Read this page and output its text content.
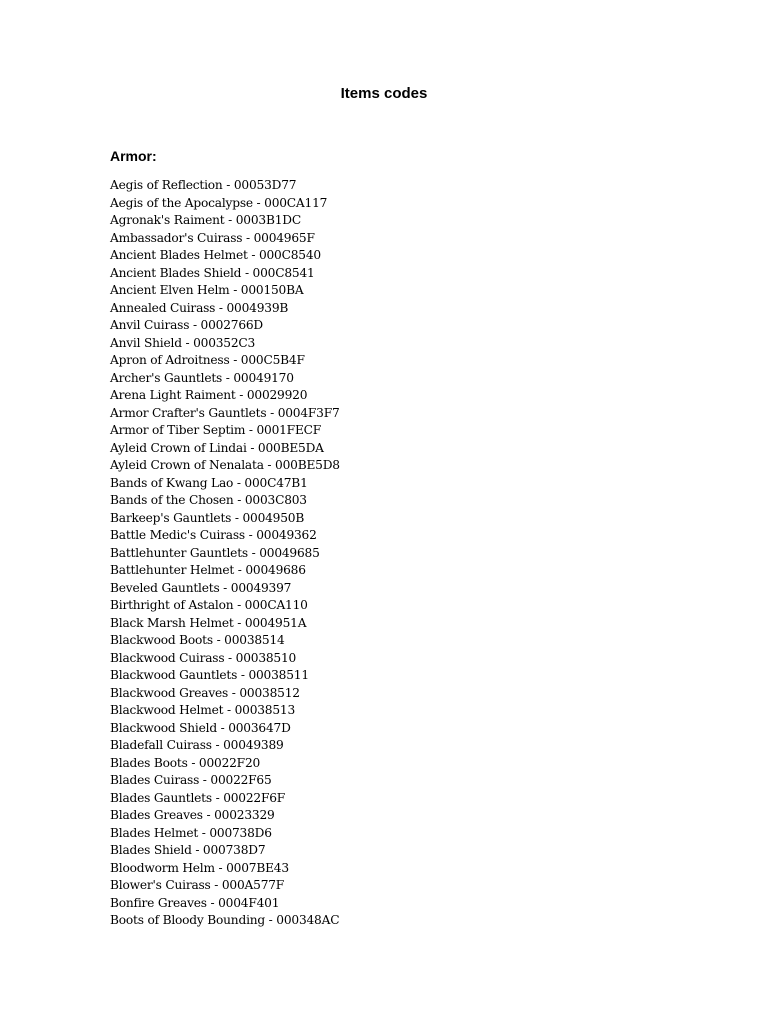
Items codes
Armor:
Aegis of Reflection - 00053D77
Aegis of the Apocalypse - 000CA117
Agronak's Raiment - 0003B1DC
Ambassador's Cuirass - 0004965F
Ancient Blades Helmet - 000C8540
Ancient Blades Shield - 000C8541
Ancient Elven Helm - 000150BA
Annealed Cuirass - 0004939B
Anvil Cuirass - 0002766D
Anvil Shield - 000352C3
Apron of Adroitness - 000C5B4F
Archer's Gauntlets - 00049170
Arena Light Raiment - 00029920
Armor Crafter's Gauntlets - 0004F3F7
Armor of Tiber Septim - 0001FECF
Ayleid Crown of Lindai - 000BE5DA
Ayleid Crown of Nenalata - 000BE5D8
Bands of Kwang Lao - 000C47B1
Bands of the Chosen - 0003C803
Barkeep's Gauntlets - 0004950B
Battle Medic's Cuirass - 00049362
Battlehunter Gauntlets - 00049685
Battlehunter Helmet - 00049686
Beveled Gauntlets - 00049397
Birthright of Astalon - 000CA110
Black Marsh Helmet - 0004951A
Blackwood Boots - 00038514
Blackwood Cuirass - 00038510
Blackwood Gauntlets - 00038511
Blackwood Greaves - 00038512
Blackwood Helmet - 00038513
Blackwood Shield - 0003647D
Bladefall Cuirass - 00049389
Blades Boots - 00022F20
Blades Cuirass - 00022F65
Blades Gauntlets - 00022F6F
Blades Greaves - 00023329
Blades Helmet - 000738D6
Blades Shield - 000738D7
Bloodworm Helm - 0007BE43
Blower's Cuirass - 000A577F
Bonfire Greaves - 0004F401
Boots of Bloody Bounding - 000348AC
